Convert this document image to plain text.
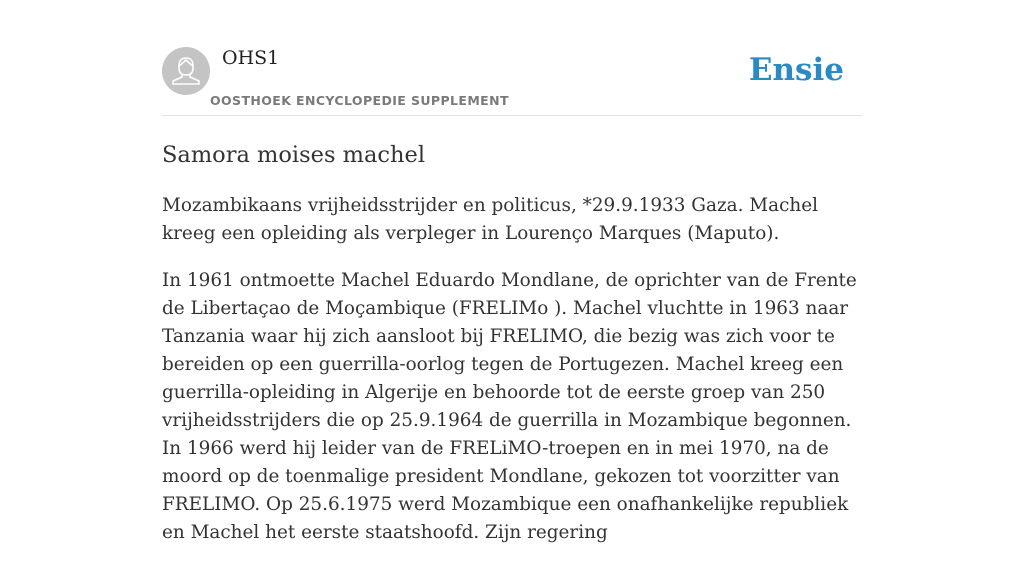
OHS1
OOSTHOEK ENCYCLOPEDIE SUPPLEMENT
Ensie
Samora moises machel

Mozambikaans vrijheidsstrijder en politicus, *29.9.1933 Gaza. Machel kreeg een opleiding als verpleger in Lourenço Marques (Maputo).

In 1961 ontmoette Machel Eduardo Mondlane, de oprichter van de Frente de Libertaçao de Moçambique (FRELIMo ). Machel vluchtte in 1963 naar Tanzania waar hij zich aansloot bij FRELIMO, die bezig was zich voor te bereiden op een guerrilla-oorlog tegen de Portugezen. Machel kreeg een guerrilla-opleiding in Algerije en behoorde tot de eerste groep van 250 vrijheidsstrijders die op 25.9.1964 de guerrilla in Mozambique begonnen. In 1966 werd hij leider van de FRELiMO-troepen en in mei 1970, na de moord op de toenmalige president Mondlane, gekozen tot voorzitter van FRELIMO. Op 25.6.1975 werd Mozambique een onafhankelijke republiek en Machel het eerste staatshoofd. Zijn regering
